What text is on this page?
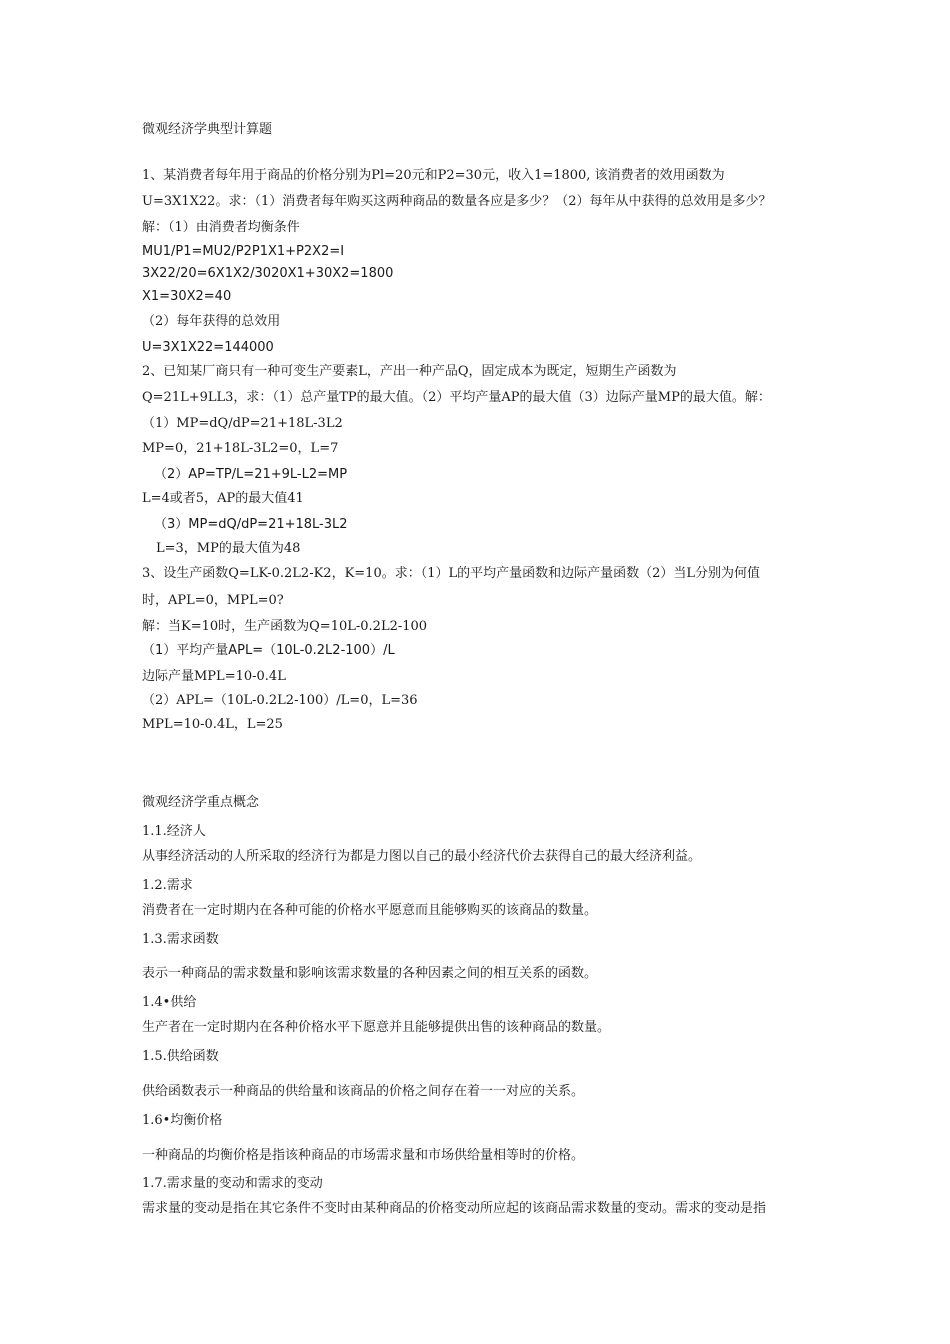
微观经济学典型计算题
1、某消费者每年用于商品的价格分别为Pl=20元和P2=30元，收入1=1800, 该消费者的效用函数为
U=3X1X22。求：（1）消费者每年购买这两种商品的数量各应是多少？（2）每年从中获得的总效用是多少？
解：（1）由消费者均衡条件
MU1/P1=MU2/P2P1X1+P2X2=I
3X22/20=6X1X2/3020X1+30X2=1800
X1=30X2=40
（2）每年获得的总效用
U=3X1X22=144000
2、已知某厂商只有一种可变生产要素L，产出一种产品Q，固定成本为既定，短期生产函数为
Q=21L+9LL3，求：（1）总产量TP的最大值。（2）平均产量AP的最大值（3）边际产量MP的最大值。解：
（1）MP=dQ/dP=21+18L-3L2
MP=0，21+18L-3L2=0，L=7
（2）AP=TP/L=21+9L-L2=MP
L=4或者5，AP的最大值41
（3）MP=dQ/dP=21+18L-3L2
L=3，MP的最大值为48
3、设生产函数Q=LK-0.2L2-K2，K=10。求：（1）L的平均产量函数和边际产量函数（2）当L分别为何值
时，APL=0，MPL=0?
解：当K=10时，生产函数为Q=10L-0.2L2-100
（1）平均产量APL=（10L-0.2L2-100）/L
边际产量MPL=10-0.4L
（2）APL=（10L-0.2L2-100）/L=0，L=36
MPL=10-0.4L，L=25
微观经济学重点概念
1.1.经济人
从事经济活动的人所采取的经济行为都是力图以自己的最小经济代价去获得自己的最大经济利益。
1.2.需求
消费者在一定时期内在各种可能的价格水平愿意而且能够购买的该商品的数量。
1.3.需求函数
表示一种商品的需求数量和影响该需求数量的各种因素之间的相互关系的函数。
1.4•供给
生产者在一定时期内在各种价格水平下愿意并且能够提供出售的该种商品的数量。
1.5.供给函数
供给函数表示一种商品的供给量和该商品的价格之间存在着一一对应的关系。
1.6•均衡价格
一种商品的均衡价格是指该种商品的市场需求量和市场供给量相等时的价格。
1.7.需求量的变动和需求的变动
需求量的变动是指在其它条件不变时由某种商品的价格变动所应起的该商品需求数量的变动。需求的变动是指
